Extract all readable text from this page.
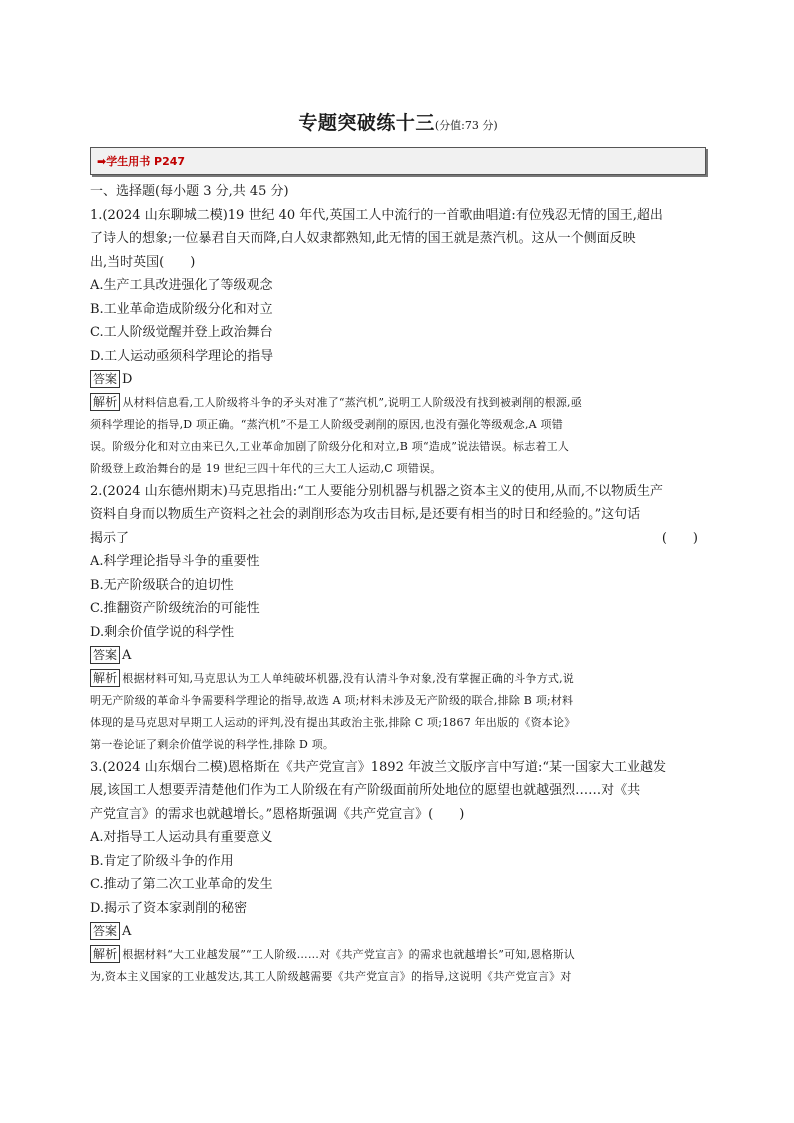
专题突破练十三(分值:73 分)
➡学生用书 P247
一、选择题(每小题 3 分,共 45 分)
1.(2024 山东聊城二模)19 世纪 40 年代,英国工人中流行的一首歌曲唱道:有位残忍无情的国王,超出
了诗人的想象;一位暴君自天而降,白人奴隶都熟知,此无情的国王就是蒸汽机。这从一个侧面反映
出,当时英国(　　)
A.生产工具改进强化了等级观念
B.工业革命造成阶级分化和对立
C.工人阶级觉醒并登上政治舞台
D.工人运动亟须科学理论的指导
答案 D
解析 从材料信息看,工人阶级将斗争的矛头对准了“蒸汽机”,说明工人阶级没有找到被剥削的根源,亟
须科学理论的指导,D 项正确。“蒸汽机”不是工人阶级受剥削的原因,也没有强化等级观念,A 项错
误。阶级分化和对立由来已久,工业革命加剧了阶级分化和对立,B 项“造成”说法错误。标志着工人
阶级登上政治舞台的是 19 世纪三四十年代的三大工人运动,C 项错误。
2.(2024 山东德州期末)马克思指出:“工人要能分别机器与机器之资本主义的使用,从而,不以物质生产
资料自身而以物质生产资料之社会的剥削形态为攻击目标,是还要有相当的时日和经验的。”这句话
揭示了	(　　)
A.科学理论指导斗争的重要性
B.无产阶级联合的迫切性
C.推翻资产阶级统治的可能性
D.剩余价值学说的科学性
答案 A
解析 根据材料可知,马克思认为工人单纯破坏机器,没有认清斗争对象,没有掌握正确的斗争方式,说
明无产阶级的革命斗争需要科学理论的指导,故选 A 项;材料未涉及无产阶级的联合,排除 B 项;材料
体现的是马克思对早期工人运动的评判,没有提出其政治主张,排除 C 项;1867 年出版的《资本论》
第一卷论证了剩余价值学说的科学性,排除 D 项。
3.(2024 山东烟台二模)恩格斯在《共产党宣言》1892 年波兰文版序言中写道:“某一国家大工业越发
展,该国工人想要弄清楚他们作为工人阶级在有产阶级面前所处地位的愿望也就越强烈……对《共
产党宣言》的需求也就越增长。”恩格斯强调《共产党宣言》(　　)
A.对指导工人运动具有重要意义
B.肯定了阶级斗争的作用
C.推动了第二次工业革命的发生
D.揭示了资本家剥削的秘密
答案 A
解析 根据材料“大工业越发展”“工人阶级……对《共产党宣言》的需求也就越增长”可知,恩格斯认
为,资本主义国家的工业越发达,其工人阶级越需要《共产党宣言》的指导,这说明《共产党宣言》对
